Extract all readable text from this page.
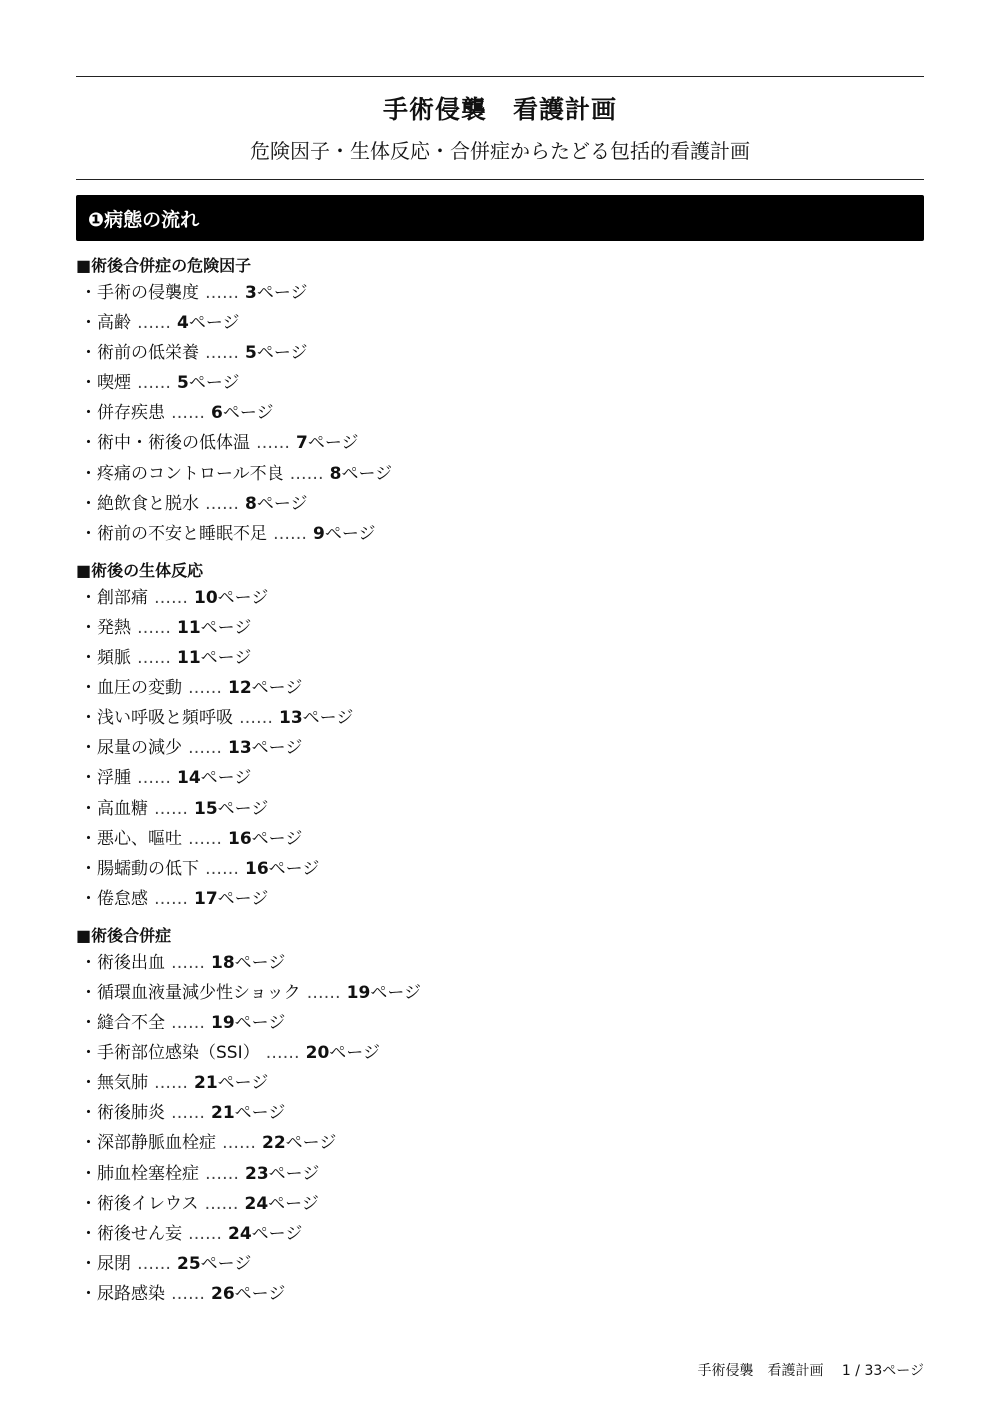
手術侵襲　看護計画
危険因子・生体反応・合併症からたどる包括的看護計画
❶病態の流れ
■術後合併症の危険因子
・手術の侵襲度 …… 3ページ
・高齢 …… 4ページ
・術前の低栄養 …… 5ページ
・喫煙 …… 5ページ
・併存疾患 …… 6ページ
・術中・術後の低体温 …… 7ページ
・疼痛のコントロール不良 …… 8ページ
・絶飲食と脱水 …… 8ページ
・術前の不安と睡眠不足 …… 9ページ
■術後の生体反応
・創部痛 …… 10ページ
・発熱 …… 11ページ
・頻脈 …… 11ページ
・血圧の変動 …… 12ページ
・浅い呼吸と頻呼吸 …… 13ページ
・尿量の減少 …… 13ページ
・浮腫 …… 14ページ
・高血糖 …… 15ページ
・悪心、嘔吐 …… 16ページ
・腸蠕動の低下 …… 16ページ
・倦怠感 …… 17ページ
■術後合併症
・術後出血 …… 18ページ
・循環血液量減少性ショック …… 19ページ
・縫合不全 …… 19ページ
・手術部位感染（SSI） …… 20ページ
・無気肺 …… 21ページ
・術後肺炎 …… 21ページ
・深部静脈血栓症 …… 22ページ
・肺血栓塞栓症 …… 23ページ
・術後イレウス …… 24ページ
・術後せん妄 …… 24ページ
・尿閉 …… 25ページ
・尿路感染 …… 26ページ
手術侵襲　看護計画　 1 / 33ページ
